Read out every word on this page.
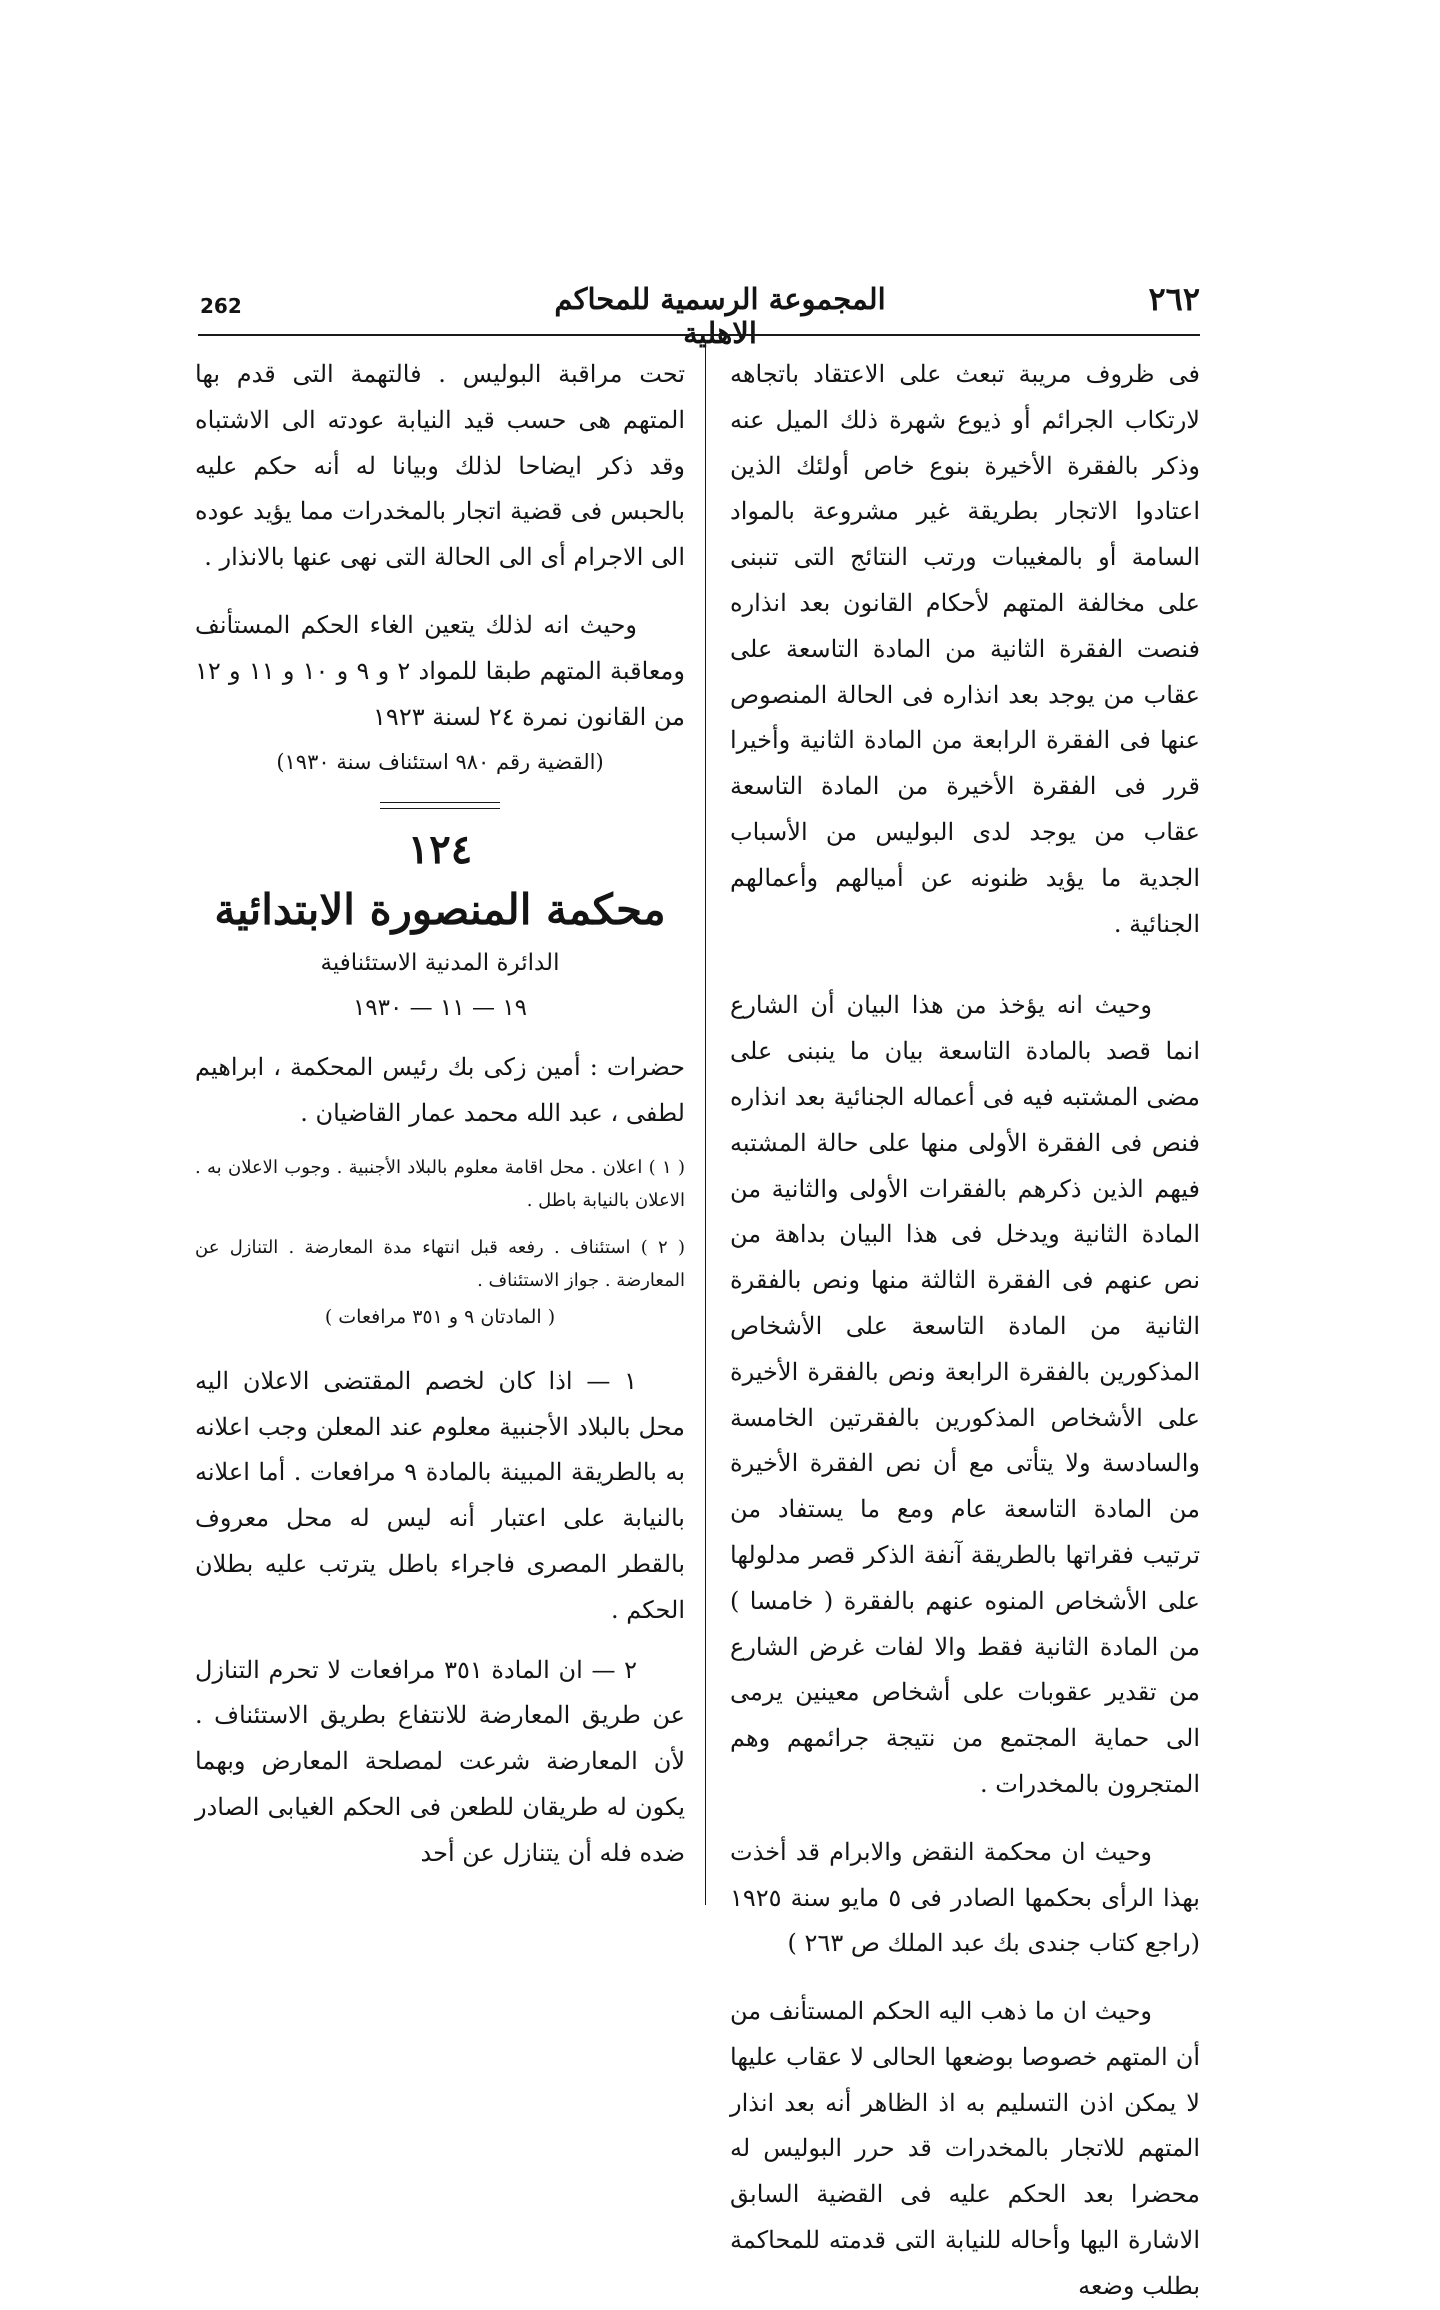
262	المجموعة الرسمية للمحاكم الاهلية
٢٦٢

فى ظروف مريبة تبعث على الاعتقاد باتجاهه لارتكاب الجرائم أو ذيوع شهرة ذلك الميل عنه وذكر بالفقرة الأخيرة بنوع خاص أولئك الذين اعتادوا الاتجار بطريقة غير مشروعة بالمواد السامة أو بالمغيبات ورتب النتائج التى تنبنى على مخالفة المتهم لأحكام القانون بعد انذاره فنصت الفقرة الثانية من المادة التاسعة على عقاب من يوجد بعد انذاره فى الحالة المنصوص عنها فى الفقرة الرابعة من المادة الثانية وأخيرا قرر فى الفقرة الأخيرة من المادة التاسعة عقاب من يوجد لدى البوليس من الأسباب الجدية ما يؤيد ظنونه عن أميالهم وأعمالهم الجنائية .

وحيث انه يؤخذ من هذا البيان أن الشارع انما قصد بالمادة التاسعة بيان ما ينبنى على مضى المشتبه فيه فى أعماله الجنائية بعد انذاره فنص فى الفقرة الأولى منها على حالة المشتبه فيهم الذين ذكرهم بالفقرات الأولى والثانية من المادة الثانية ويدخل فى هذا البيان بداهة من نص عنهم فى الفقرة الثالثة منها ونص بالفقرة الثانية من المادة التاسعة على الأشخاص المذكورين بالفقرة الرابعة ونص بالفقرة الأخيرة على الأشخاص المذكورين بالفقرتين الخامسة والسادسة ولا يتأتى مع أن نص الفقرة الأخيرة من المادة التاسعة عام ومع ما يستفاد من ترتيب فقراتها بالطريقة آنفة الذكر قصر مدلولها على الأشخاص المنوه عنهم بالفقرة ( خامسا ) من المادة الثانية فقط والا لفات غرض الشارع من تقدير عقوبات على أشخاص معينين يرمى الى حماية المجتمع من نتيجة جرائمهم وهم المتجرون بالمخدرات .

وحيث ان محكمة النقض والابرام قد أخذت بهذا الرأى بحكمها الصادر فى ٥ مايو سنة ١٩٢٥ (راجع كتاب جندى بك عبد الملك ص ٢٦٣ )

وحيث ان ما ذهب اليه الحكم المستأنف من أن المتهم خصوصا بوضعها الحالى لا عقاب عليها لا يمكن اذن التسليم به اذ الظاهر أنه بعد انذار المتهم للاتجار بالمخدرات قد حرر البوليس له محضرا بعد الحكم عليه فى القضية السابق الاشارة اليها وأحاله للنيابة التى قدمته للمحاكمة بطلب وضعه

تحت مراقبة البوليس . فالتهمة التى قدم بها المتهم هى حسب قيد النيابة عودته الى الاشتباه وقد ذكر ايضاحا لذلك وبيانا له أنه حكم عليه بالحبس فى قضية اتجار بالمخدرات مما يؤيد عوده الى الاجرام أى الى الحالة التى نهى عنها بالانذار .

وحيث انه لذلك يتعين الغاء الحكم المستأنف ومعاقبة المتهم طبقا للمواد ٢ و ٩ و ١٠ و ١١ و ١٢ من القانون نمرة ٢٤ لسنة ١٩٢٣

(القضية رقم ٩٨٠ استئناف سنة ١٩٣٠)

١٢٤

محكمة المنصورة الابتدائية

الدائرة المدنية الاستئنافية

١٩ — ١١ — ١٩٣٠

حضرات : أمين زكى بك رئيس المحكمة ، ابراهيم لطفى ، عبد الله محمد عمار القاضيان .

( ١ ) اعلان . محل اقامة معلوم بالبلاد الأجنبية . وجوب الاعلان به . الاعلان بالنيابة باطل .

( ٢ ) استئناف . رفعه قبل انتهاء مدة المعارضة . التنازل عن المعارضة . جواز الاستئناف .

( المادتان ٩ و ٣٥١ مرافعات )

١ — اذا كان لخصم المقتضى الاعلان اليه محل بالبلاد الأجنبية معلوم عند المعلن وجب اعلانه به بالطريقة المبينة بالمادة ٩ مرافعات . أما اعلانه بالنيابة على اعتبار أنه ليس له محل معروف بالقطر المصرى فاجراء باطل يترتب عليه بطلان الحكم .

٢ — ان المادة ٣٥١ مرافعات لا تحرم التنازل عن طريق المعارضة للانتفاع بطريق الاستئناف . لأن المعارضة شرعت لمصلحة المعارض وبهما يكون له طريقان للطعن فى الحكم الغيابى الصادر ضده فله أن يتنازل عن أحد
